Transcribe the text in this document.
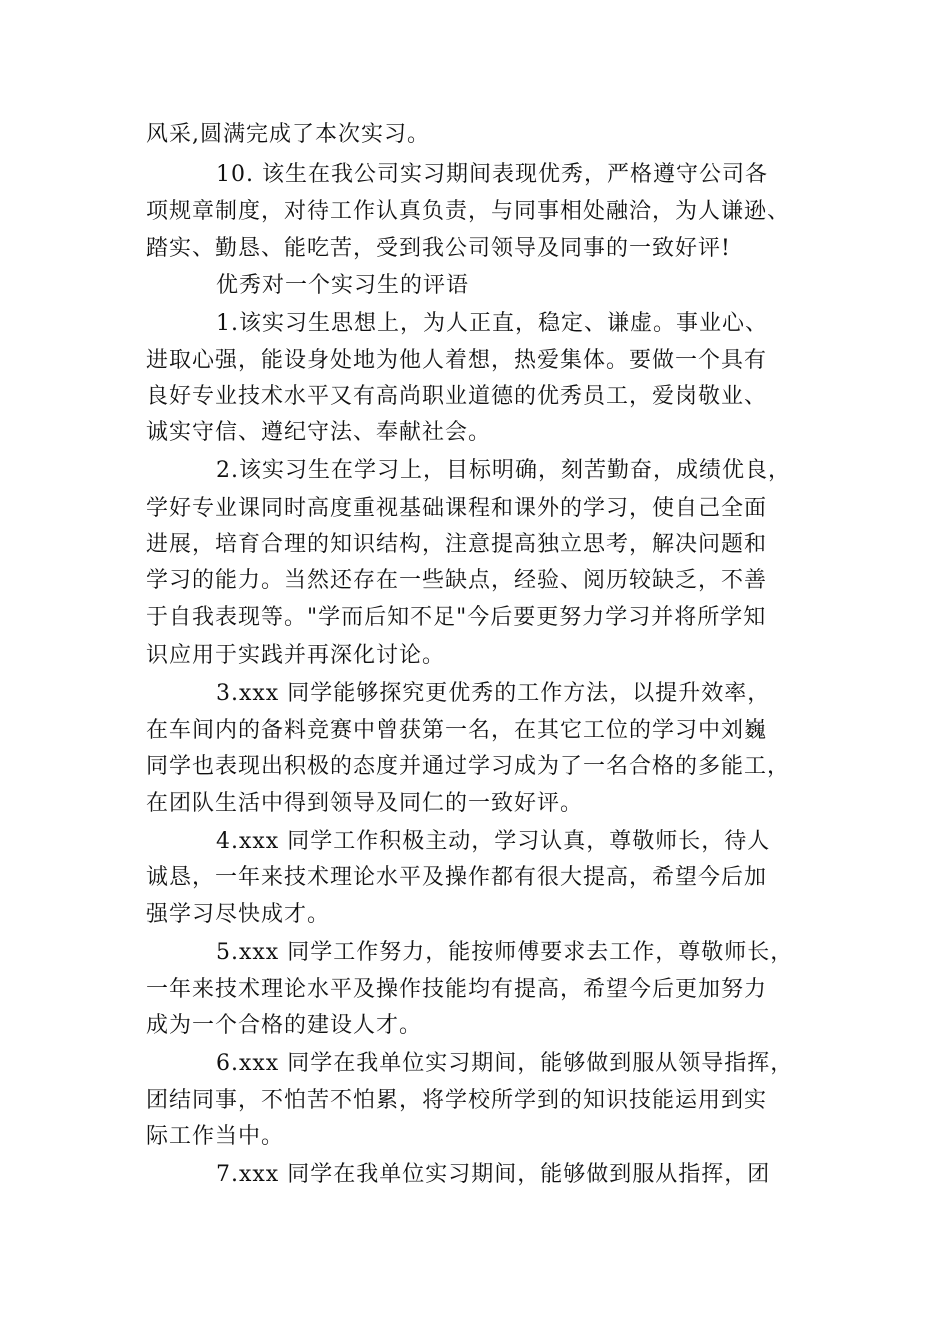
风采,圆满完成了本次实习。
10. 该生在我公司实习期间表现优秀，严格遵守公司各
项规章制度，对待工作认真负责，与同事相处融洽，为人谦逊、
踏实、勤恳、能吃苦，受到我公司领导及同事的一致好评!
优秀对一个实习生的评语
1.该实习生思想上，为人正直，稳定、谦虚。事业心、
进取心强，能设身处地为他人着想，热爱集体。要做一个具有
良好专业技术水平又有高尚职业道德的优秀员工，爱岗敬业、
诚实守信、遵纪守法、奉献社会。
2.该实习生在学习上，目标明确，刻苦勤奋，成绩优良，
学好专业课同时高度重视基础课程和课外的学习，使自己全面
进展，培育合理的知识结构，注意提高独立思考，解决问题和
学习的能力。当然还存在一些缺点，经验、阅历较缺乏，不善
于自我表现等。"学而后知不足"今后要更努力学习并将所学知
识应用于实践并再深化讨论。
3.xxx 同学能够探究更优秀的工作方法，以提升效率，
在车间内的备料竞赛中曾获第一名，在其它工位的学习中刘巍
同学也表现出积极的态度并通过学习成为了一名合格的多能工，
在团队生活中得到领导及同仁的一致好评。
4.xxx 同学工作积极主动，学习认真，尊敬师长，待人
诚恳，一年来技术理论水平及操作都有很大提高，希望今后加
强学习尽快成才。
5.xxx 同学工作努力，能按师傅要求去工作，尊敬师长，
一年来技术理论水平及操作技能均有提高，希望今后更加努力
成为一个合格的建设人才。
6.xxx 同学在我单位实习期间，能够做到服从领导指挥，
团结同事，不怕苦不怕累，将学校所学到的知识技能运用到实
际工作当中。
7.xxx 同学在我单位实习期间，能够做到服从指挥，团
